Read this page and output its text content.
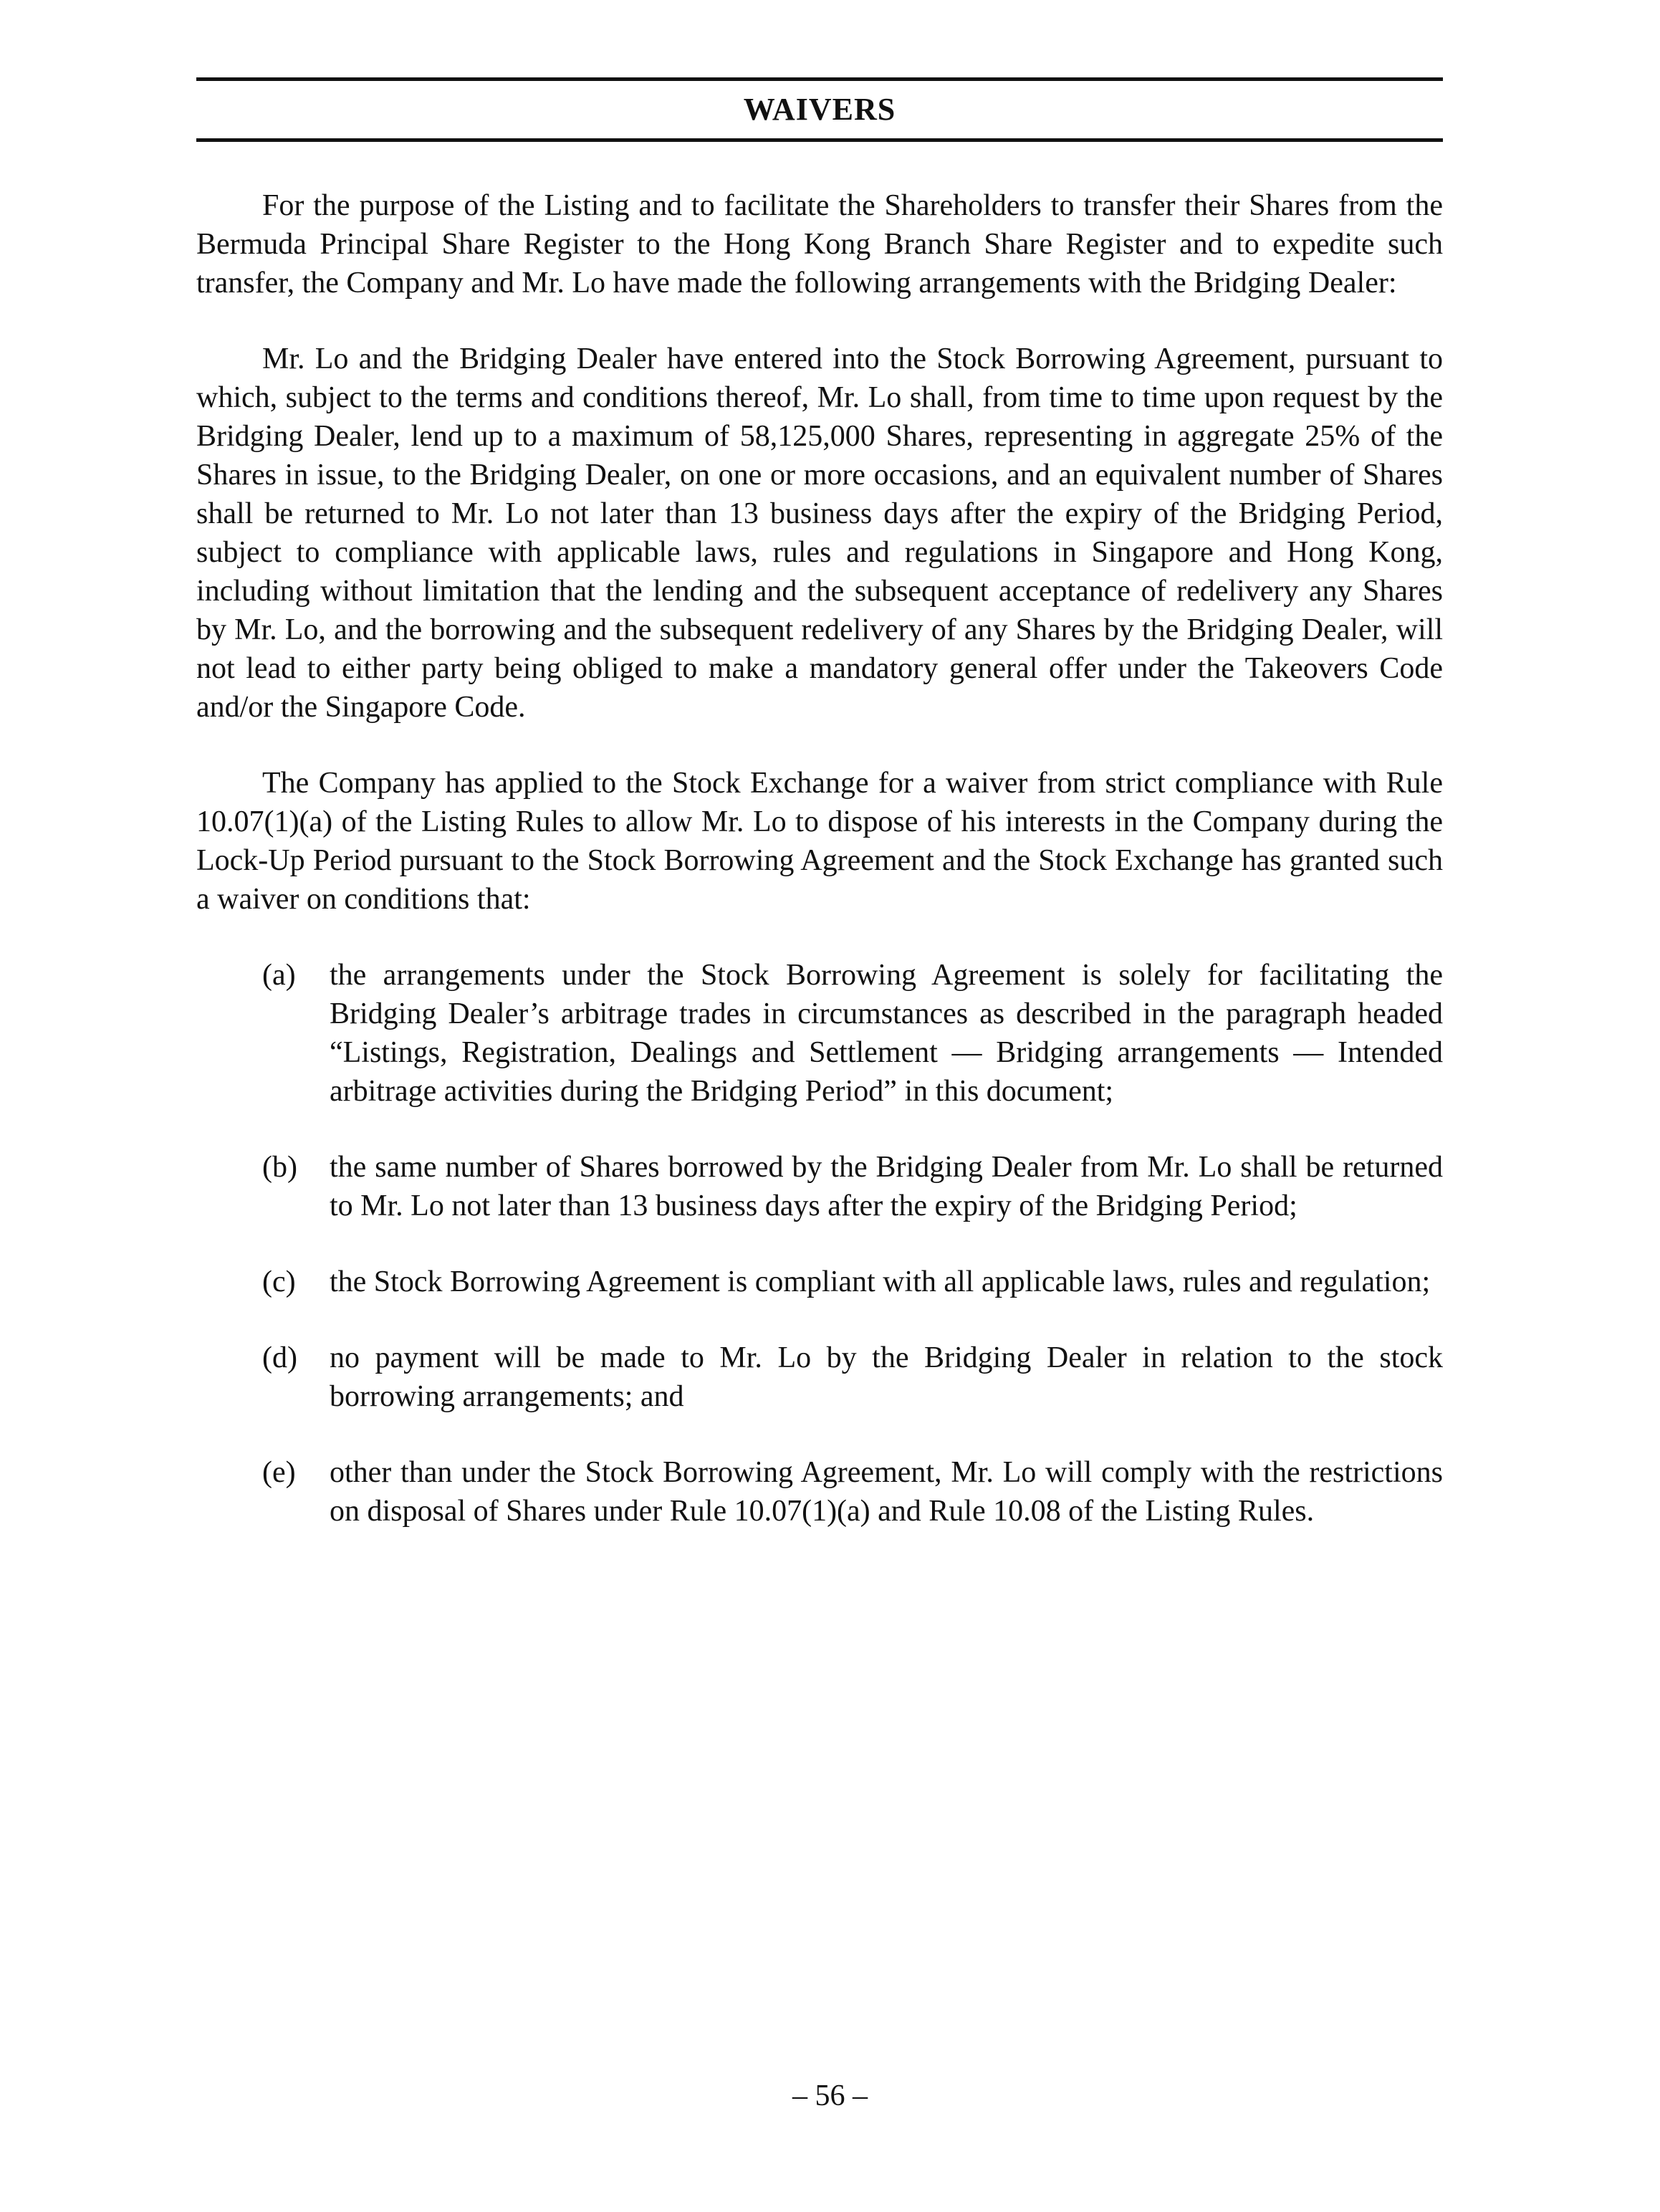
WAIVERS

For the purpose of the Listing and to facilitate the Shareholders to transfer their Shares from the Bermuda Principal Share Register to the Hong Kong Branch Share Register and to expedite such transfer, the Company and Mr. Lo have made the following arrangements with the Bridging Dealer:

Mr. Lo and the Bridging Dealer have entered into the Stock Borrowing Agreement, pursuant to which, subject to the terms and conditions thereof, Mr. Lo shall, from time to time upon request by the Bridging Dealer, lend up to a maximum of 58,125,000 Shares, representing in aggregate 25% of the Shares in issue, to the Bridging Dealer, on one or more occasions, and an equivalent number of Shares shall be returned to Mr. Lo not later than 13 business days after the expiry of the Bridging Period, subject to compliance with applicable laws, rules and regulations in Singapore and Hong Kong, including without limitation that the lending and the subsequent acceptance of redelivery any Shares by Mr. Lo, and the borrowing and the subsequent redelivery of any Shares by the Bridging Dealer, will not lead to either party being obliged to make a mandatory general offer under the Takeovers Code and/or the Singapore Code.

The Company has applied to the Stock Exchange for a waiver from strict compliance with Rule 10.07(1)(a) of the Listing Rules to allow Mr. Lo to dispose of his interests in the Company during the Lock-Up Period pursuant to the Stock Borrowing Agreement and the Stock Exchange has granted such a waiver on conditions that:

(a)	the arrangements under the Stock Borrowing Agreement is solely for facilitating the Bridging Dealer’s arbitrage trades in circumstances as described in the paragraph headed “Listings, Registration, Dealings and Settlement — Bridging arrangements — Intended arbitrage activities during the Bridging Period” in this document;
(b)	the same number of Shares borrowed by the Bridging Dealer from Mr. Lo shall be returned to Mr. Lo not later than 13 business days after the expiry of the Bridging Period;
(c)	the Stock Borrowing Agreement is compliant with all applicable laws, rules and regulation;
(d)	no payment will be made to Mr. Lo by the Bridging Dealer in relation to the stock borrowing arrangements; and
(e)	other than under the Stock Borrowing Agreement, Mr. Lo will comply with the restrictions on disposal of Shares under Rule 10.07(1)(a) and Rule 10.08 of the Listing Rules.
– 56 –
